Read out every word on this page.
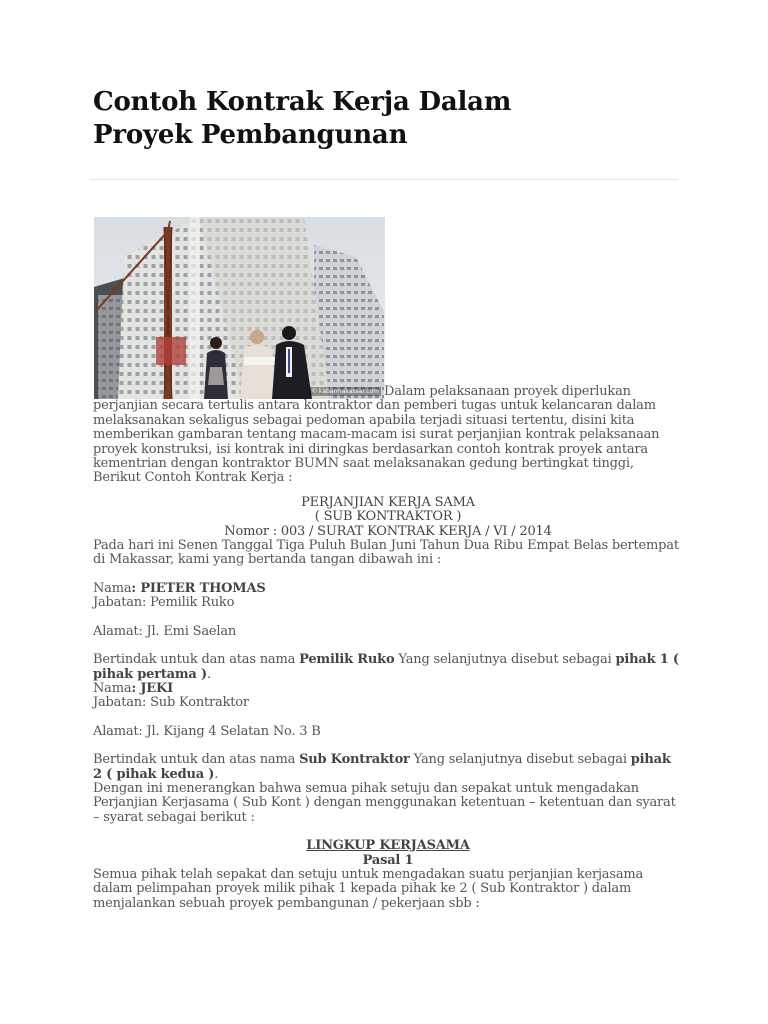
Contoh Kontrak Kerja Dalam
Proyek Pembangunan
© kabarmakassar.com Dalam pelaksanaan proyek diperlukan perjanjian secara tertulis antara kontraktor dan pemberi tugas untuk kelancaran dalam melaksanakan sekaligus sebagai pedoman apabila terjadi situasi tertentu, disini kita memberikan gambaran tentang macam-macam isi surat perjanjian kontrak pelaksanaan proyek konstruksi, isi kontrak ini diringkas berdasarkan contoh kontrak proyek antara kementrian dengan kontraktor BUMN saat melaksanakan gedung bertingkat tinggi,

Berikut Contoh Kontrak Kerja :

PERJANJIAN KERJA SAMA

( SUB KONTRAKTOR )

Nomor : 003 / SURAT KONTRAK KERJA / VI / 2014

Pada hari ini Senen Tanggal Tiga Puluh Bulan Juni Tahun Dua Ribu Empat Belas bertempat di Makassar, kami yang bertanda tangan dibawah ini :

Nama: PIETER THOMAS

Jabatan: Pemilik Ruko

Alamat: Jl. Emi Saelan

Bertindak untuk dan atas nama Pemilik Ruko Yang selanjutnya disebut sebagai pihak 1 ( pihak pertama ).

Nama: JEKI

Jabatan: Sub Kontraktor

Alamat: Jl. Kijang 4 Selatan No. 3 B

Bertindak untuk dan atas nama Sub Kontraktor Yang selanjutnya disebut sebagai pihak 2 ( pihak kedua ).

Dengan ini menerangkan bahwa semua pihak setuju dan sepakat untuk mengadakan Perjanjian Kerjasama ( Sub Kont ) dengan menggunakan ketentuan – ketentuan dan syarat – syarat sebagai berikut :

LINGKUP KERJASAMA

Pasal 1

Semua pihak telah sepakat dan setuju untuk mengadakan suatu perjanjian kerjasama dalam pelimpahan proyek milik pihak 1 kepada pihak ke 2 ( Sub Kontraktor ) dalam menjalankan sebuah proyek pembangunan / pekerjaan sbb :
